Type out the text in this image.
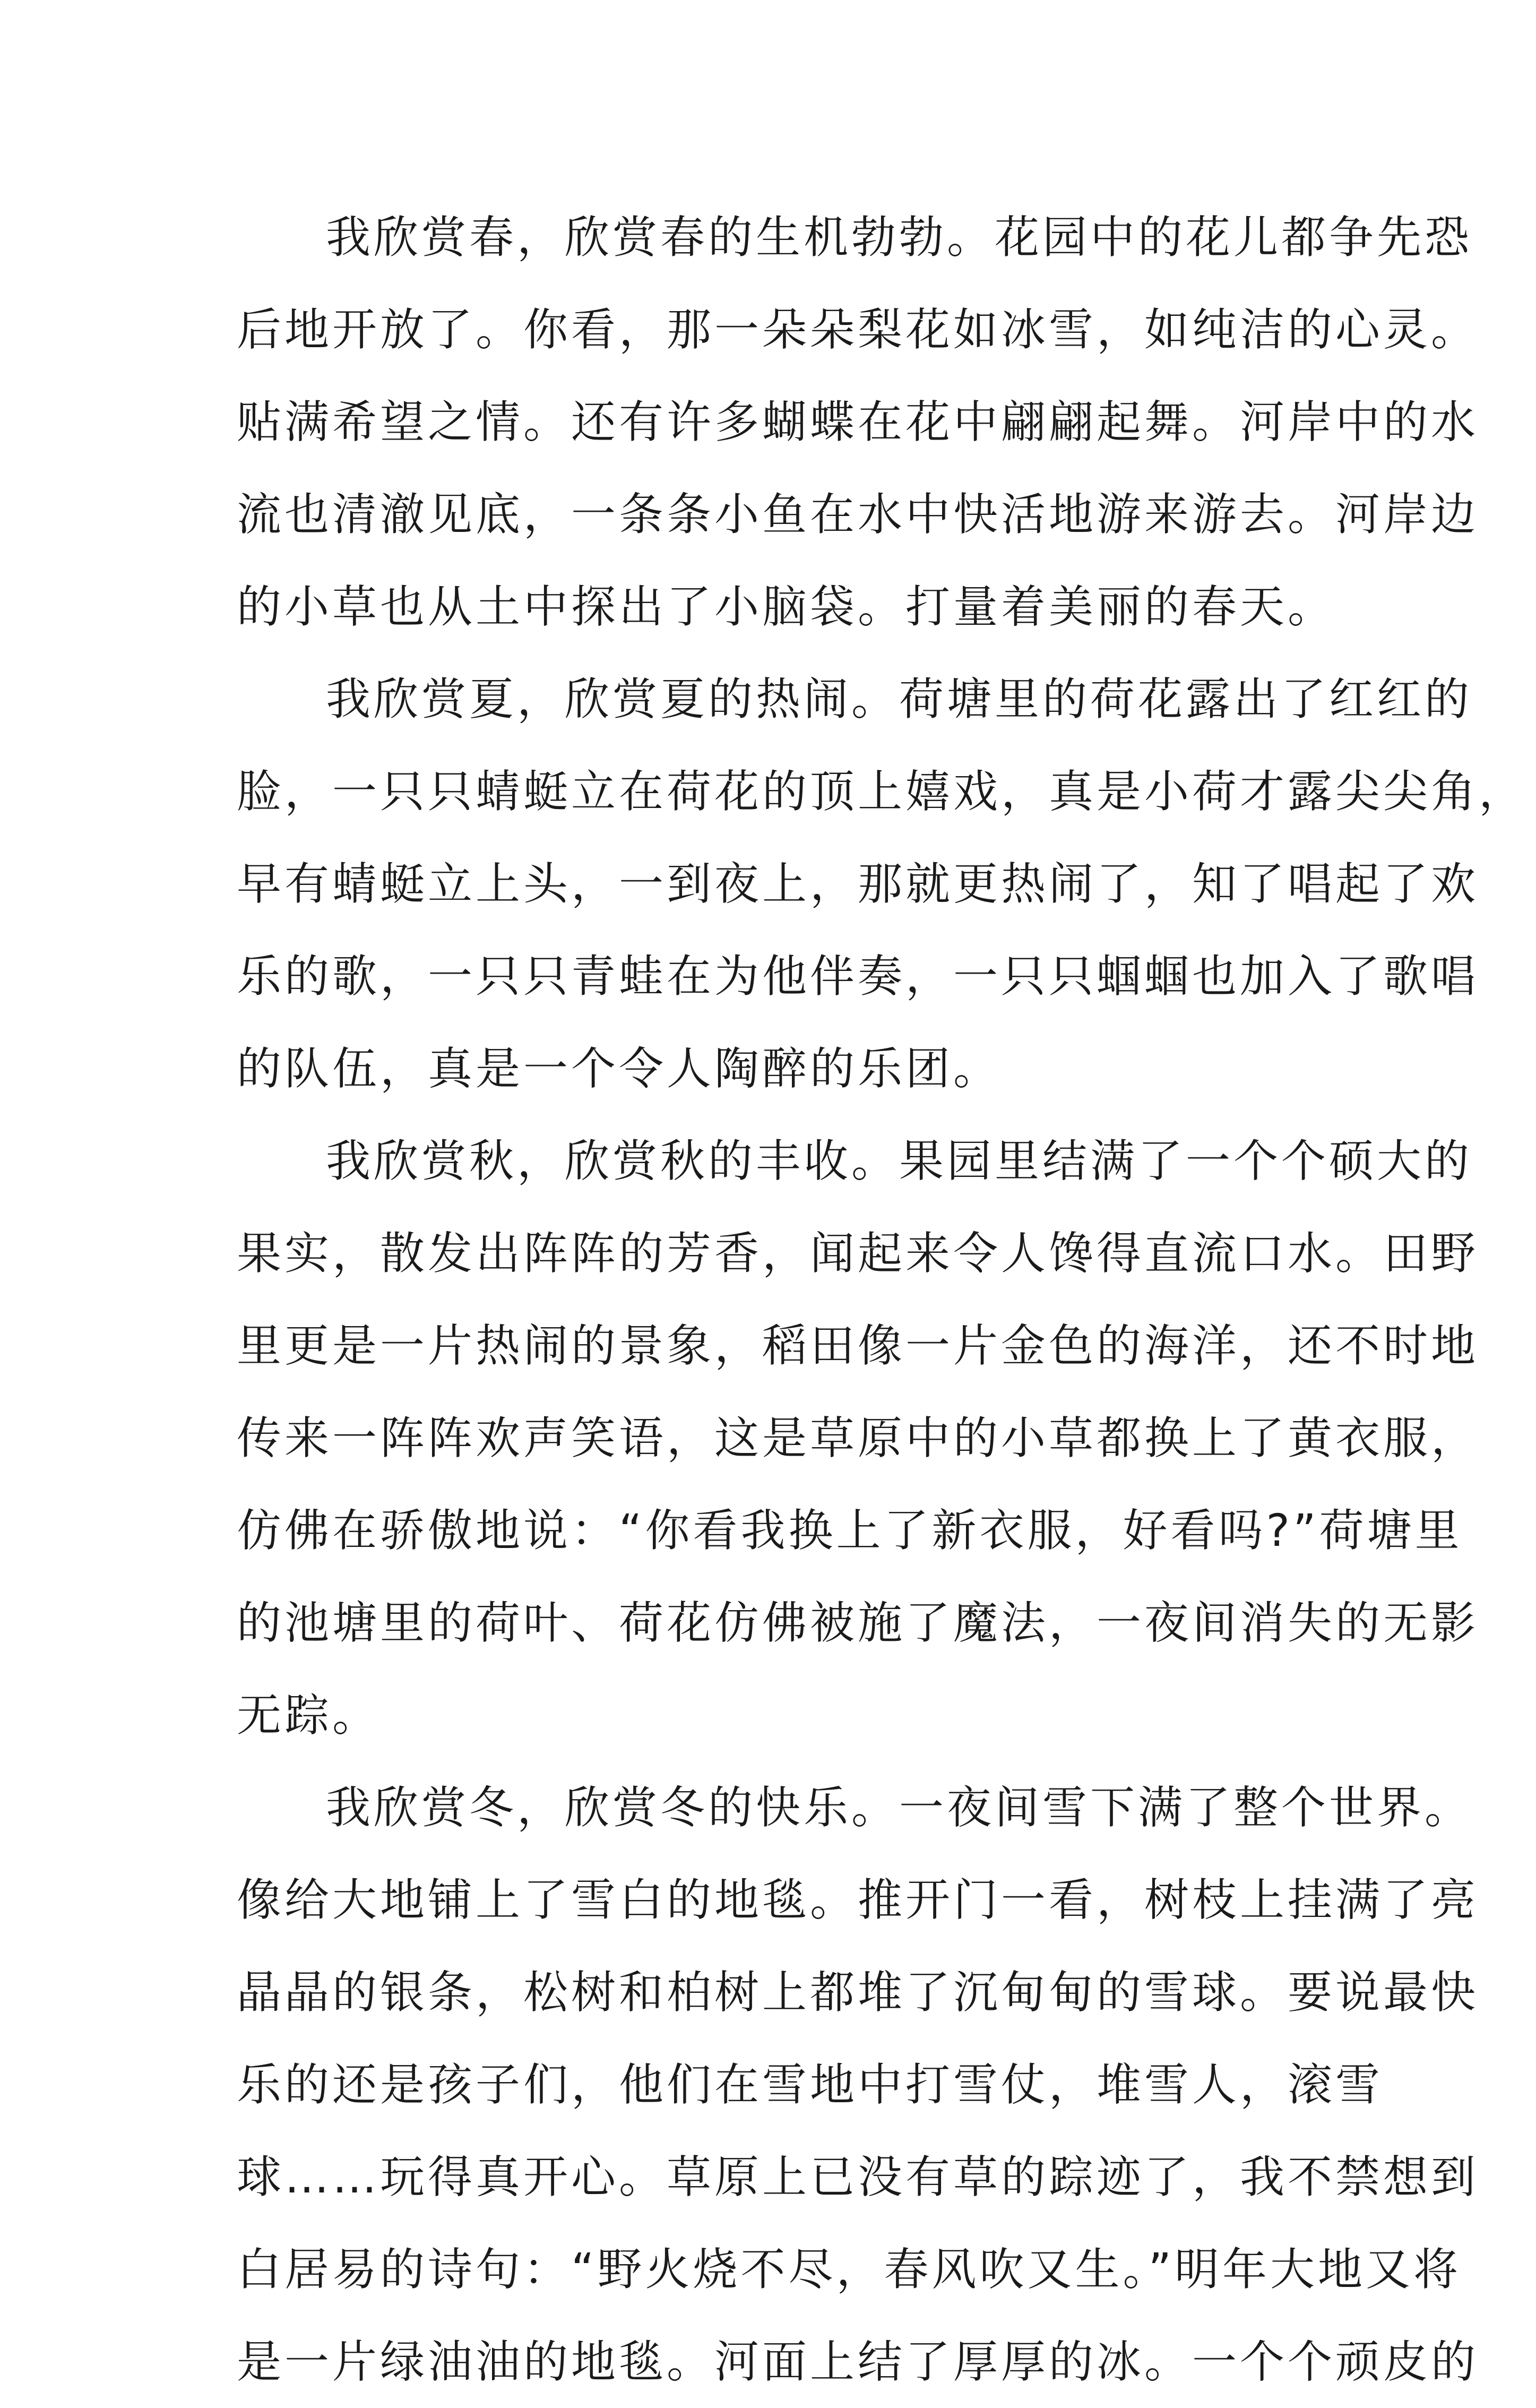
我欣赏春，欣赏春的生机勃勃。花园中的花儿都争先恐
后地开放了。你看，那一朵朵梨花如冰雪，如纯洁的心灵。
贴满希望之情。还有许多蝴蝶在花中翩翩起舞。河岸中的水
流也清澈见底，一条条小鱼在水中快活地游来游去。河岸边
的小草也从土中探出了小脑袋。打量着美丽的春天。
我欣赏夏，欣赏夏的热闹。荷塘里的荷花露出了红红的
脸，一只只蜻蜓立在荷花的顶上嬉戏，真是小荷才露尖尖角，
早有蜻蜓立上头，一到夜上，那就更热闹了，知了唱起了欢
乐的歌，一只只青蛙在为他伴奏，一只只蝈蝈也加入了歌唱
的队伍，真是一个令人陶醉的乐团。
我欣赏秋，欣赏秋的丰收。果园里结满了一个个硕大的
果实，散发出阵阵的芳香，闻起来令人馋得直流口水。田野
里更是一片热闹的景象，稻田像一片金色的海洋，还不时地
传来一阵阵欢声笑语，这是草原中的小草都换上了黄衣服，
仿佛在骄傲地说：“你看我换上了新衣服，好看吗?”荷塘里
的池塘里的荷叶、荷花仿佛被施了魔法，一夜间消失的无影
无踪。
我欣赏冬，欣赏冬的快乐。一夜间雪下满了整个世界。
像给大地铺上了雪白的地毯。推开门一看，树枝上挂满了亮
晶晶的银条，松树和柏树上都堆了沉甸甸的雪球。要说最快
乐的还是孩子们，他们在雪地中打雪仗，堆雪人，滚雪
球……玩得真开心。草原上已没有草的踪迹了，我不禁想到
白居易的诗句：“野火烧不尽，春风吹又生。”明年大地又将
是一片绿油油的地毯。河面上结了厚厚的冰。一个个顽皮的
